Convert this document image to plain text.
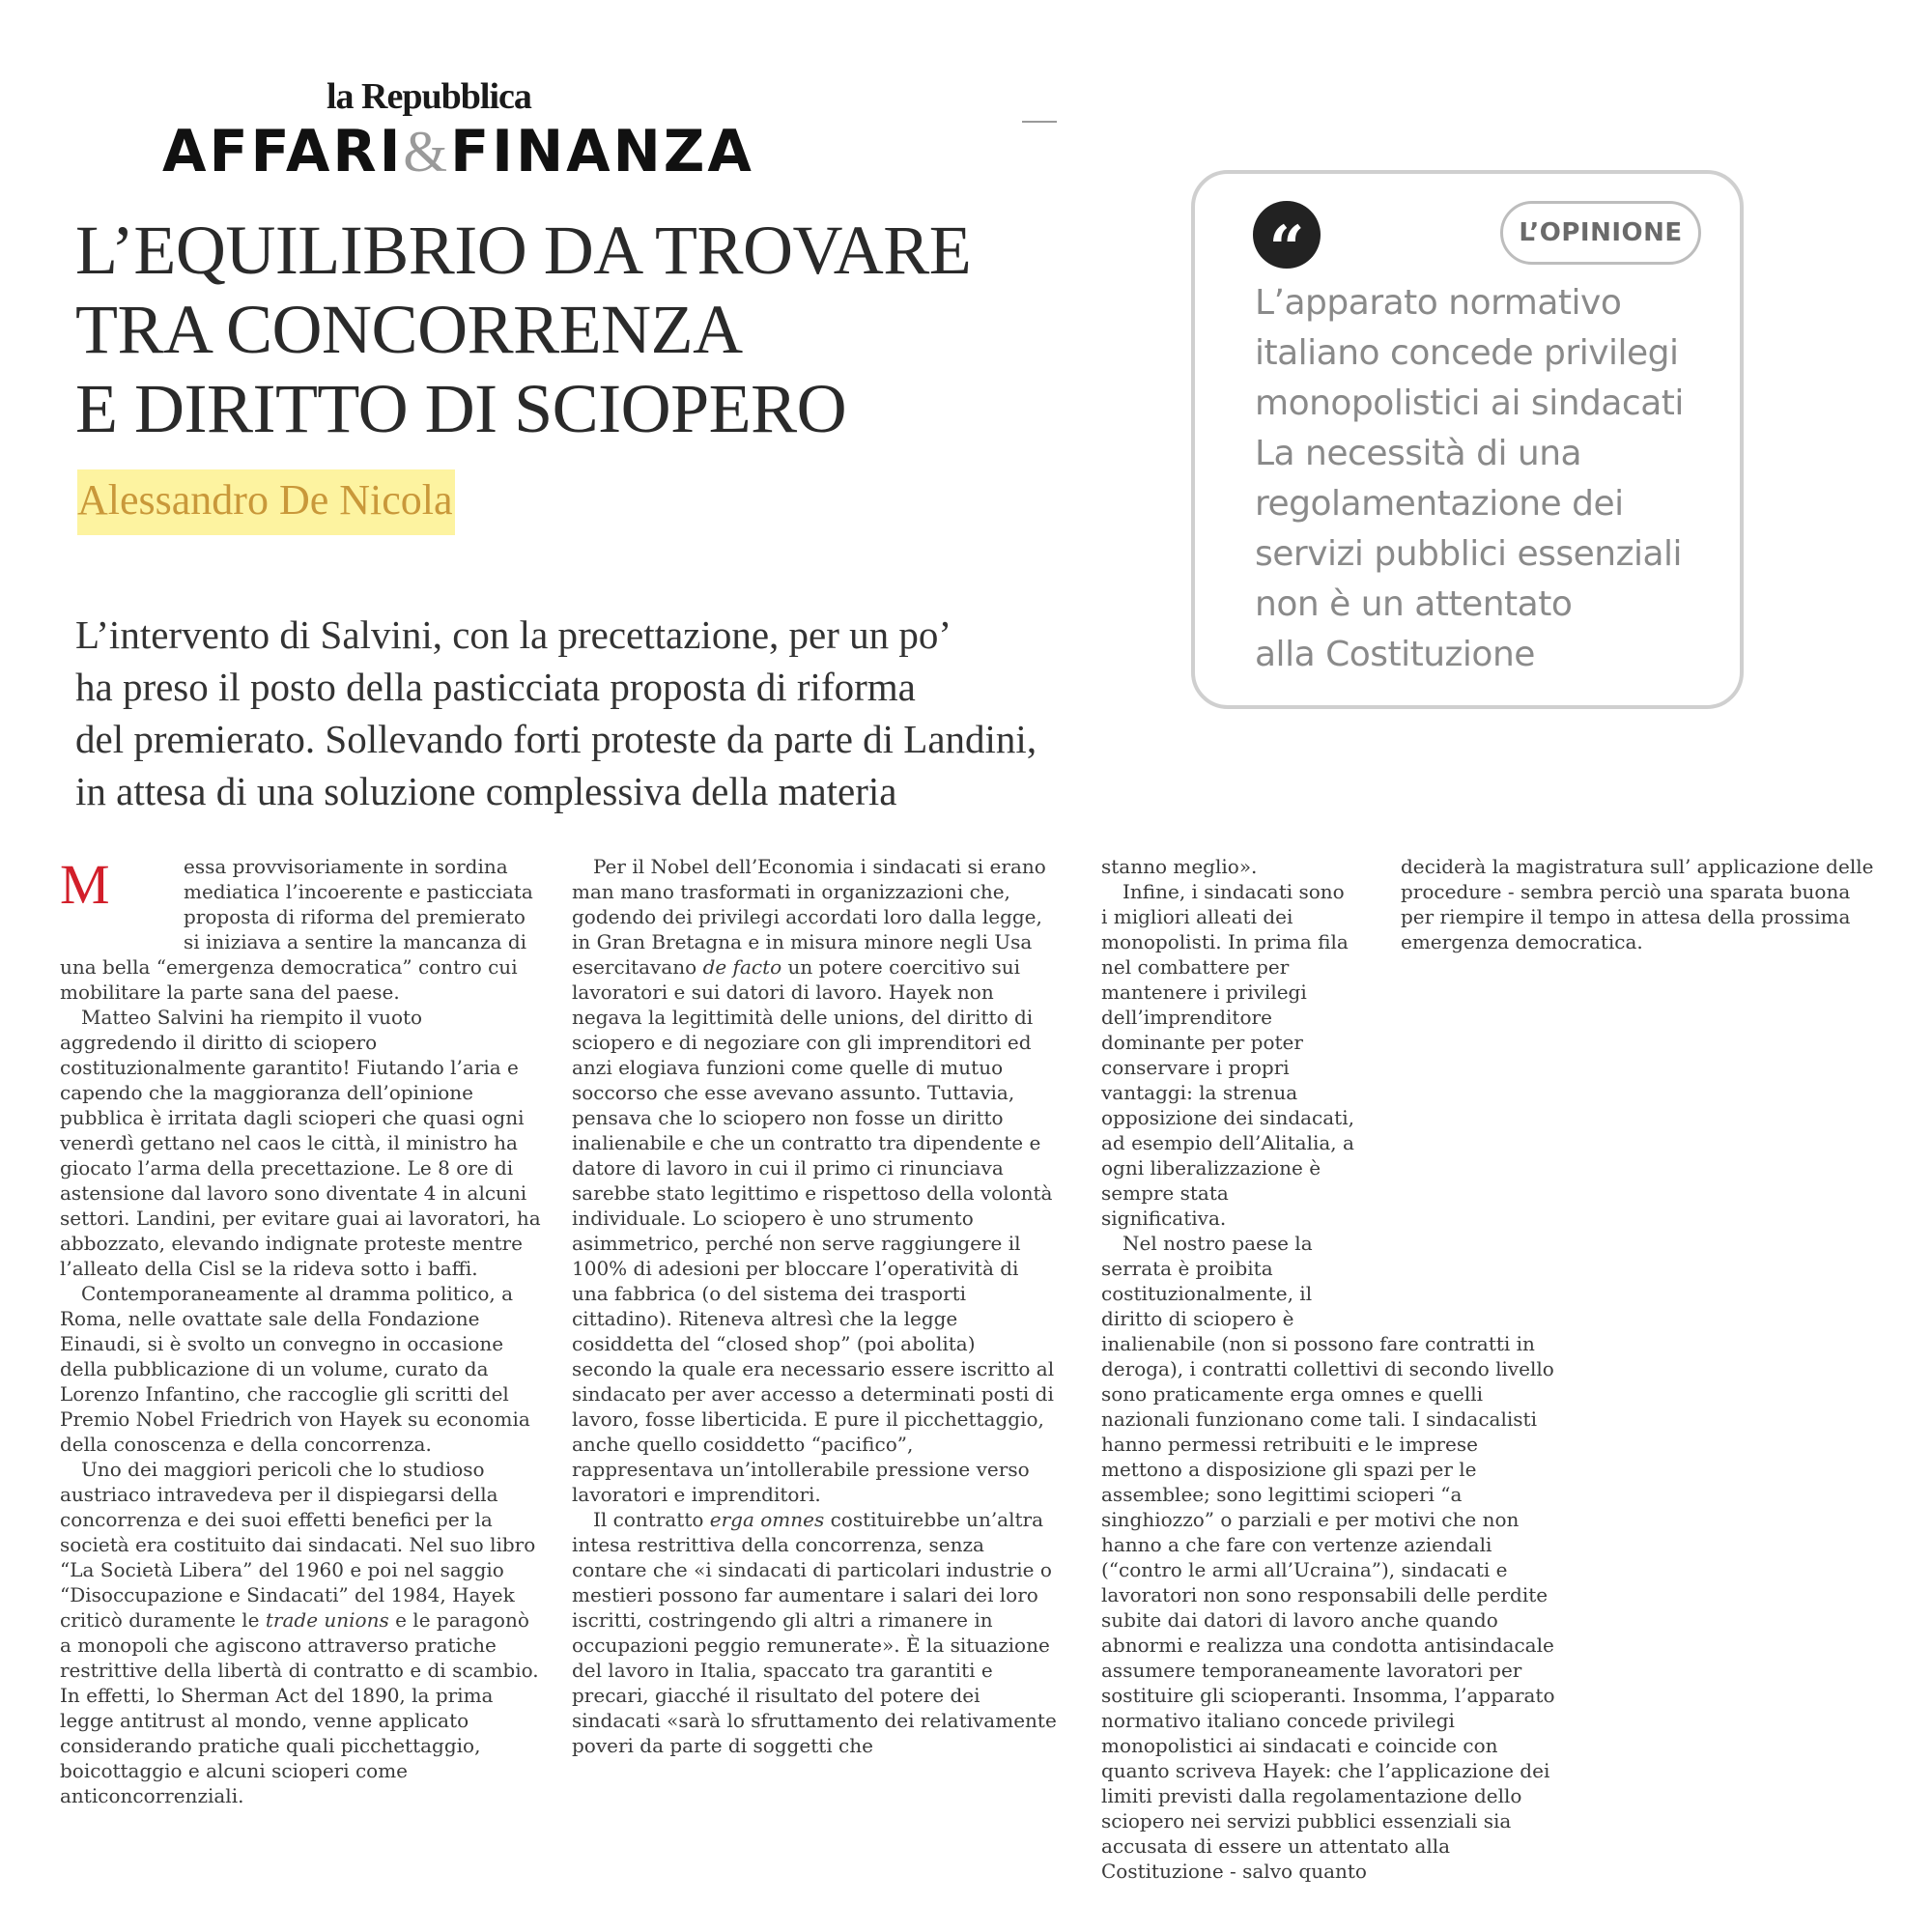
la Repubblica
AFFARI&FINANZA
L’EQUILIBRIO DA TROVARE
TRA CONCORRENZA
E DIRITTO DI SCIOPERO
Alessandro De Nicola
L’intervento di Salvini, con la precettazione, per un po’
ha preso il posto della pasticciata proposta di riforma
del premierato. Sollevando forti proteste da parte di Landini,
in attesa di una soluzione complessiva della materia
“	L’OPINIONE
L’apparato normativo
italiano concede privilegi
monopolistici ai sindacati
La necessità di una
regolamentazione dei
servizi pubblici essenziali
non è un attentato
alla Costituzione

M	essa provvisoriamente in sordina mediatica l’incoerente e pasticciata proposta di riforma del premierato si iniziava a sentire la mancanza di una bella “emergenza democratica” contro cui mobilitare la parte sana del paese.

Matteo Salvini ha riempito il vuoto aggredendo il diritto di sciopero costituzionalmente garantito! Fiutando l’aria e capendo che la maggioranza dell’opinione pubblica è irritata dagli scioperi che quasi ogni venerdì gettano nel caos le città, il ministro ha giocato l’arma della precettazione. Le 8 ore di astensione dal lavoro sono diventate 4 in alcuni settori. Landini, per evitare guai ai lavoratori, ha abbozzato, elevando indignate proteste mentre l’alleato della Cisl se la rideva sotto i baffi.

Contemporaneamente al dramma politico, a Roma, nelle ovattate sale della Fondazione Einaudi, si è svolto un convegno in occasione della pubblicazione di un volume, curato da Lorenzo Infantino, che raccoglie gli scritti del Premio Nobel Friedrich von Hayek su economia della conoscenza e della concorrenza.

Uno dei maggiori pericoli che lo studioso austriaco intravedeva per il dispiegarsi della concorrenza e dei suoi effetti benefici per la società era costituito dai sindacati. Nel suo libro “La Società Libera” del 1960 e poi nel saggio “Disoccupazione e Sindacati” del 1984, Hayek criticò duramente le trade unions e le paragonò a monopoli che agiscono attraverso pratiche restrittive della libertà di contratto e di scambio. In effetti, lo Sherman Act del 1890, la prima legge antitrust al mondo, venne applicato considerando pratiche quali picchettaggio, boicottaggio e alcuni scioperi come anticoncorrenziali.

Per il Nobel dell’Economia i sindacati si erano man mano trasformati in organizzazioni che, godendo dei privilegi accordati loro dalla legge, in Gran Bretagna e in misura minore negli Usa esercitavano de facto un potere coercitivo sui lavoratori e sui datori di lavoro. Hayek non negava la legittimità delle unions, del diritto di sciopero e di negoziare con gli imprenditori ed anzi elogiava funzioni come quelle di mutuo soccorso che esse avevano assunto. Tuttavia, pensava che lo sciopero non fosse un diritto inalienabile e che un contratto tra dipendente e datore di lavoro in cui il primo ci rinunciava sarebbe stato legittimo e rispettoso della volontà individuale. Lo sciopero è uno strumento asimmetrico, perché non serve raggiungere il 100% di adesioni per bloccare l’operatività di una fabbrica (o del sistema dei trasporti cittadino). Riteneva altresì che la legge cosiddetta del “closed shop” (poi abolita) secondo la quale era necessario essere iscritto al sindacato per aver accesso a determinati posti di lavoro, fosse liberticida. E pure il picchettaggio, anche quello cosiddetto “pacifico”, rappresentava un’intollerabile pressione verso lavoratori e imprenditori.

Il contratto erga omnes costituirebbe un’altra intesa restrittiva della concorrenza, senza contare che «i sindacati di particolari industrie o mestieri possono far aumentare i salari dei loro iscritti, costringendo gli altri a rimanere in occupazioni peggio remunerate». È la situazione del lavoro in Italia, spaccato tra garantiti e precari, giacché il risultato del potere dei sindacati «sarà lo sfruttamento dei relativamente poveri da parte di soggetti che

stanno meglio».

Infine, i sindacati sono i migliori alleati dei monopolisti. In prima fila nel combattere per mantenere i privilegi dell’imprenditore dominante per poter conservare i propri vantaggi: la strenua opposizione dei sindacati, ad esempio dell’Alitalia, a ogni liberalizzazione è sempre stata significativa.

Nel nostro paese la serrata è proibita costituzionalmente, il diritto di sciopero è

inalienabile (non si possono fare contratti in deroga), i contratti collettivi di secondo livello sono praticamente erga omnes e quelli nazionali funzionano come tali. I sindacalisti hanno permessi retribuiti e le imprese mettono a disposizione gli spazi per le assemblee; sono legittimi scioperi “a singhiozzo” o parziali e per motivi che non hanno a che fare con vertenze aziendali (“contro le armi all’Ucraina”), sindacati e lavoratori non sono responsabili delle perdite subite dai datori di lavoro anche quando abnormi e realizza una condotta antisindacale assumere temporaneamente lavoratori per sostituire gli scioperanti. Insomma, l’apparato normativo italiano concede privilegi monopolistici ai sindacati e coincide con quanto scriveva Hayek: che l’applicazione dei limiti previsti dalla regolamentazione dello sciopero nei servizi pubblici essenziali sia accusata di essere un attentato alla Costituzione - salvo quanto

deciderà la magistratura sull’ applicazione delle procedure - sembra perciò una sparata buona per riempire il tempo in attesa della prossima emergenza democratica.
